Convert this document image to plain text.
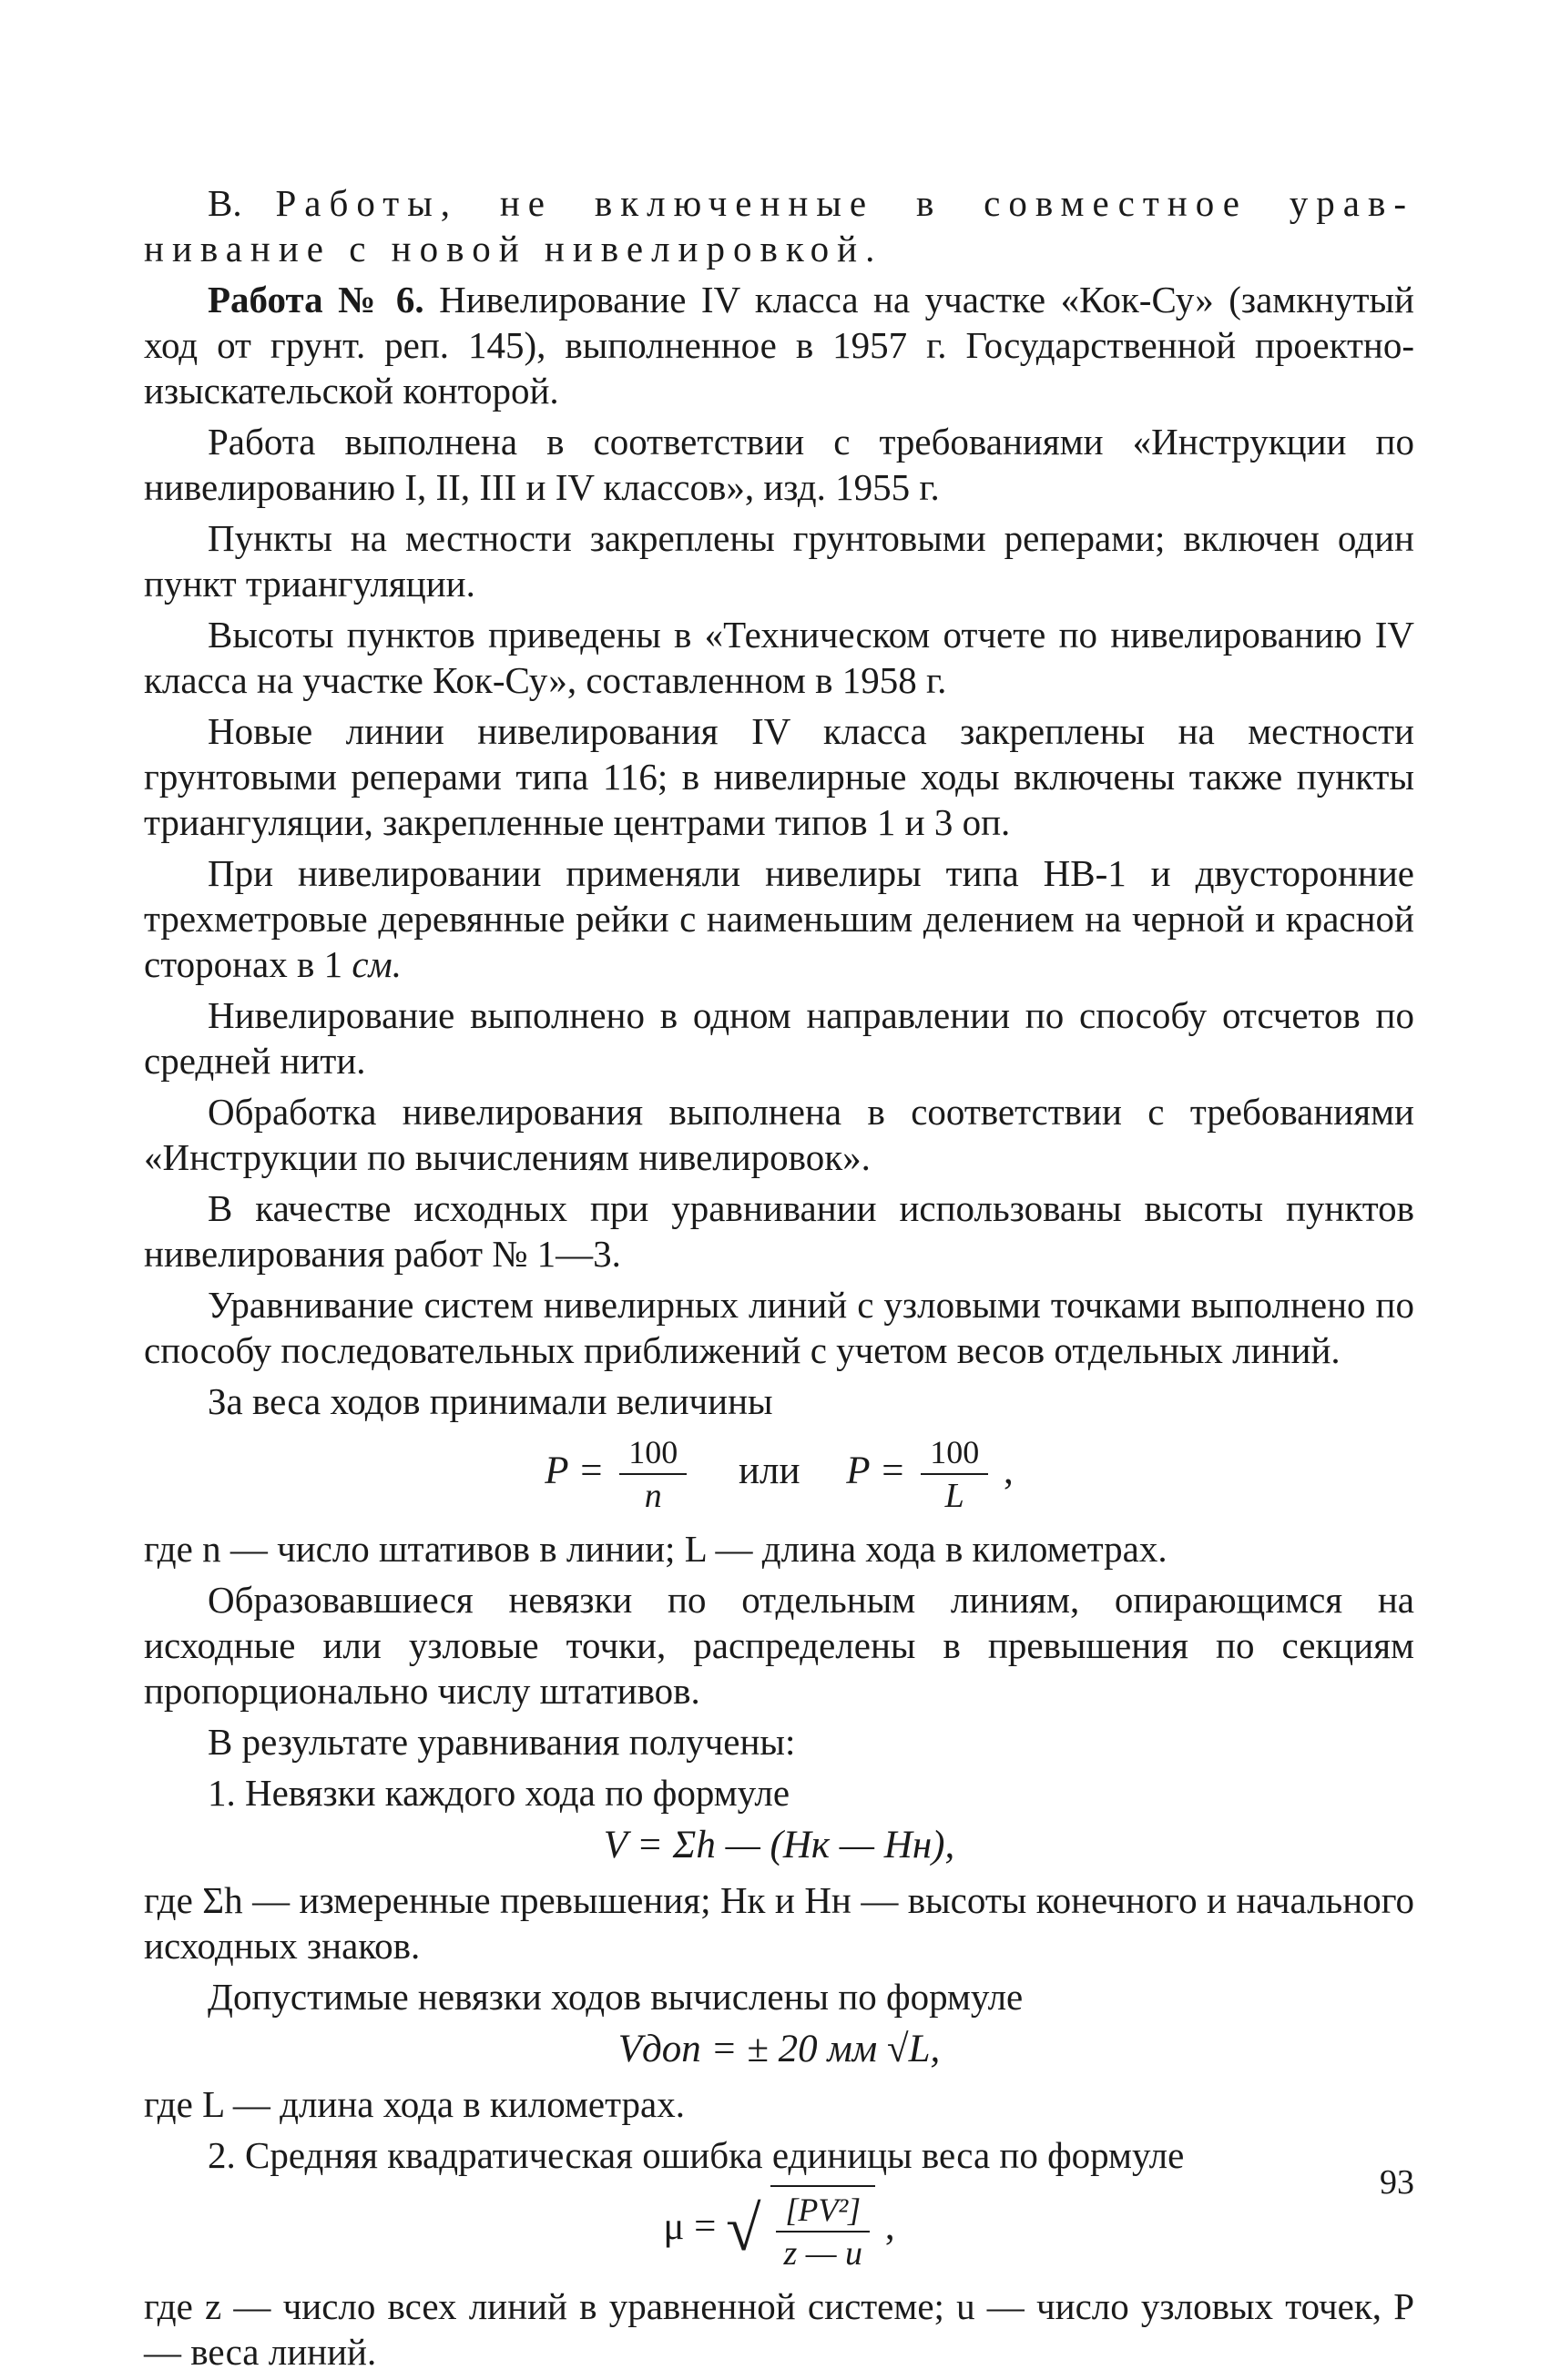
В. Работы, не включенные в совместное урав-нивание с новой нивелировкой.

Работа № 6. Нивелирование IV класса на участке «Кок-Су» (замкнутый ход от грунт. реп. 145), выполненное в 1957 г. Государственной проектно-изыскательской конторой.

Работа выполнена в соответствии с требованиями «Инструкции по нивелированию I, II, III и IV классов», изд. 1955 г.

Пункты на местности закреплены грунтовыми реперами; включен один пункт триангуляции.

Высоты пунктов приведены в «Техническом отчете по нивелированию IV класса на участке Кок-Су», составленном в 1958 г.

Новые линии нивелирования IV класса закреплены на местности грунтовыми реперами типа 116; в нивелирные ходы включены также пункты триангуляции, закрепленные центрами типов 1 и 3 оп.

При нивелировании применяли нивелиры типа НВ-1 и двусторонние трехметровые деревянные рейки с наименьшим делением на черной и красной сторонах в 1 см.

Нивелирование выполнено в одном направлении по способу отсчетов по средней нити.

Обработка нивелирования выполнена в соответствии с требованиями «Инструкции по вычислениям нивелировок».

В качестве исходных при уравнивании использованы высоты пунктов нивелирования работ № 1—3.

Уравнивание систем нивелирных линий с узловыми точками выполнено по способу последовательных приближений с учетом весов отдельных линий.

За веса ходов принимали величины

$P = \frac{100}{n}$ или $P = \frac{100}{L}$ ,

где n — число штативов в линии; L — длина хода в километрах.

Образовавшиеся невязки по отдельным линиям, опирающимся на исходные или узловые точки, распределены в превышения по секциям пропорционально числу штативов.

В результате уравнивания получены:

1. Невязки каждого хода по формуле

V = Σh — (Hк — Hн),

где Σh — измеренные превышения; Hк и Hн — высоты конечного и начального исходных знаков.

Допустимые невязки ходов вычислены по формуле

Vдоп = ± 20 мм √L,

где L — длина хода в километрах.

2. Средняя квадратическая ошибка единицы веса по формуле

μ = √ $\frac{\text{[PV²]}}{z — u}$ ,

где z — число всех линий в уравненной системе; u — число узловых точек, P — веса линий.

93
